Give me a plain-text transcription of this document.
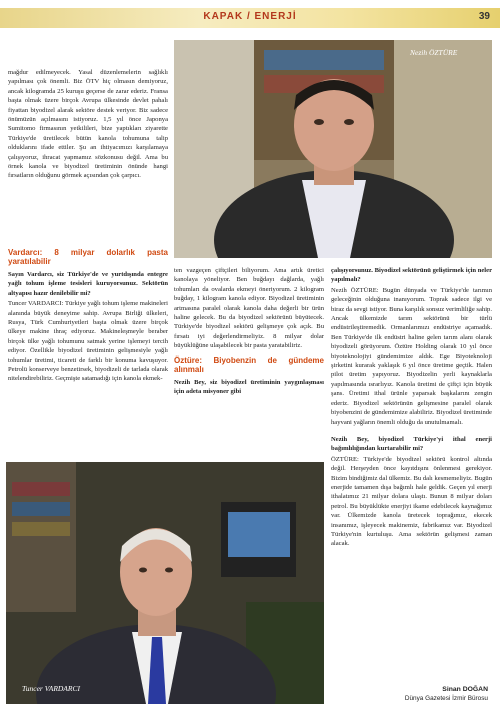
KAPAK / ENERJİ	39
Nezih ÖZTÜRE

mağdur edilmeyecek. Yasal düzenlemelerin sağlıklı yapılması çok önemli. Biz ÖTV hiç olmasın demiyoruz, ancak kilogramda 25 kuruşu geçerse de zarar ederiz. Fransa başta olmak üzere birçok Avrupa ülkesinde devlet pahalı fiyattan biyodizel alarak sektöre destek veriyor. Biz sadece önümüzün açılmasını istiyoruz. 1,5 yıl önce Japonya Sumitomo firmasının yetkilileri, bize yaptıkları ziyarette Türkiye'de üretilecek bütün kanola tohumuna talip olduklarını ifade ettiler. Şu an ihtiyacımızı karşılamaya çalışıyoruz, ihracat yapmamız sözkonusu değil. Ama bu örnek kanola ve biyodizel üretiminin önünde hangi fırsatların olduğunu görmek açısından çok çarpıcı.

Vardarcı: 8 milyar dolarlık pasta yaratılabilir

Sayın Vardarcı, siz Türkiye'de ve yurtdışında entegre yağlı tohum işleme tesisleri kuruyorsunuz. Sektörün altyapısı hazır denilebilir mi?

Tuncer VARDARCI: Türkiye yağlı tohum işleme makineleri alanında büyük deneyime sahip. Avrupa Birliği ülkeleri, Rusya, Türk Cumhuriyetleri başta olmak üzere birçok ülkeye makine ihraç ediyoruz. Makineleşmeyle beraber birçok ülke yağlı tohumunu satmak yerine işlemeyi tercih ediyor. Özellikle biyodizel üretiminin gelişmesiyle yağlı tohumlar üretimi, ticareti de farklı bir konuma kavuşuyor. Petrolü konserveye benzetirsek, biyodizeli de tarlada olarak nitelendirebiliriz. Geçmişte satamadığı için kanola ekmek-

ten vazgeçen çiftçileri biliyorum. Ama artık üretici kanolaya yöneliyor. Ben buğdayı dağlarda, yağlı tohumları da ovalarda ekmeyi öneriyorum. 2 kilogram buğday, 1 kilogram kanola ediyor. Biyodizel üretiminin artmasına paralel olarak kanola daha değerli bir ürün haline gelecek. Bu da biyodizel sektörünü büyütecek. Türkiye'de biyodizel sektörü gelişmeye çok açık. Bu fırsatı iyi değerlendirmeliyiz. 8 milyar dolar büyüklüğüne ulaşabilecek bir pasta yaratabiliriz.

Öztüre: Biyobenzin de gündeme alınmalı

Nezih Bey, siz biyodizel üretiminin yaygınlaşması için adeta misyoner gibi

çalışıyorsunuz. Biyodizel sektörünü geliştirmek için neler yapılmalı?

Nezih ÖZTÜRE: Bugün dünyada ve Türkiye'de tarımın geleceğinin olduğuna inanıyorum. Toprak sadece ilgi ve biraz da sevgi istiyor. Buna karşılık sonsuz verimliliğe sahip. Ancak ülkemizde tarım sektörünü bir türlü endüstrileştiremedik. Ormanlarımızı endüstriye açamadık. Ben Türkiye'de ilk endüstri haline gelen tarım alanı olarak biyodizeli görüyorum. Öztüre Holding olarak 10 yıl önce biyoteknolojiyi gündemimize aldık. Ege Biyoteknoloji şirketini kurarak yaklaşık 6 yıl önce üretime geçtik. Halen pilot üretim yapıyoruz. Biyodizelin yerli kaynaklarla yapılmasında ısrarlıyız. Kanola üretimi de çiftçi için büyük şans. Üretimi ithal ürünle yaparsak başkalarını zengin ederiz. Biyodizel sektörünün gelişmesine paralel olarak biyobenzini de gündemimize alabiliriz. Biyodizel üretiminde hayvani yağların önemli olduğu da unutulmamalı.

Nezih Bey, biyodizel Türkiye'yi ithal enerji bağımlılığından kurtarabilir mi?

ÖZTÜRE: Türkiye'de biyodizel sektörü kontrol altında değil. Herşeyden önce kayıtdışını önlenmesi gerekiyor. Bizim bindiğimiz dal ülkemiz. Bu dalı kesmemeliyiz. Bugün enerjide tamamen dışa bağımlı hale geldik. Geçen yıl enerji ithalatımız 21 milyar dolara ulaştı. Bunun 8 milyar doları petrol. Bu büyüklükte enerjiyi ikame edebilecek kaynağımız var. Ülkemizde kanola üretecek toprağımız, ekecek insanımız, işleyecek makinemiz, fabrikamız var. Biyodizel Türkiye'nin kurtuluşu. Ama sektörün gelişmesi zaman alacak.

Tuncer VARDARCI	Sinan DOĞAN
Dünya Gazetesi İzmir Bürosu
